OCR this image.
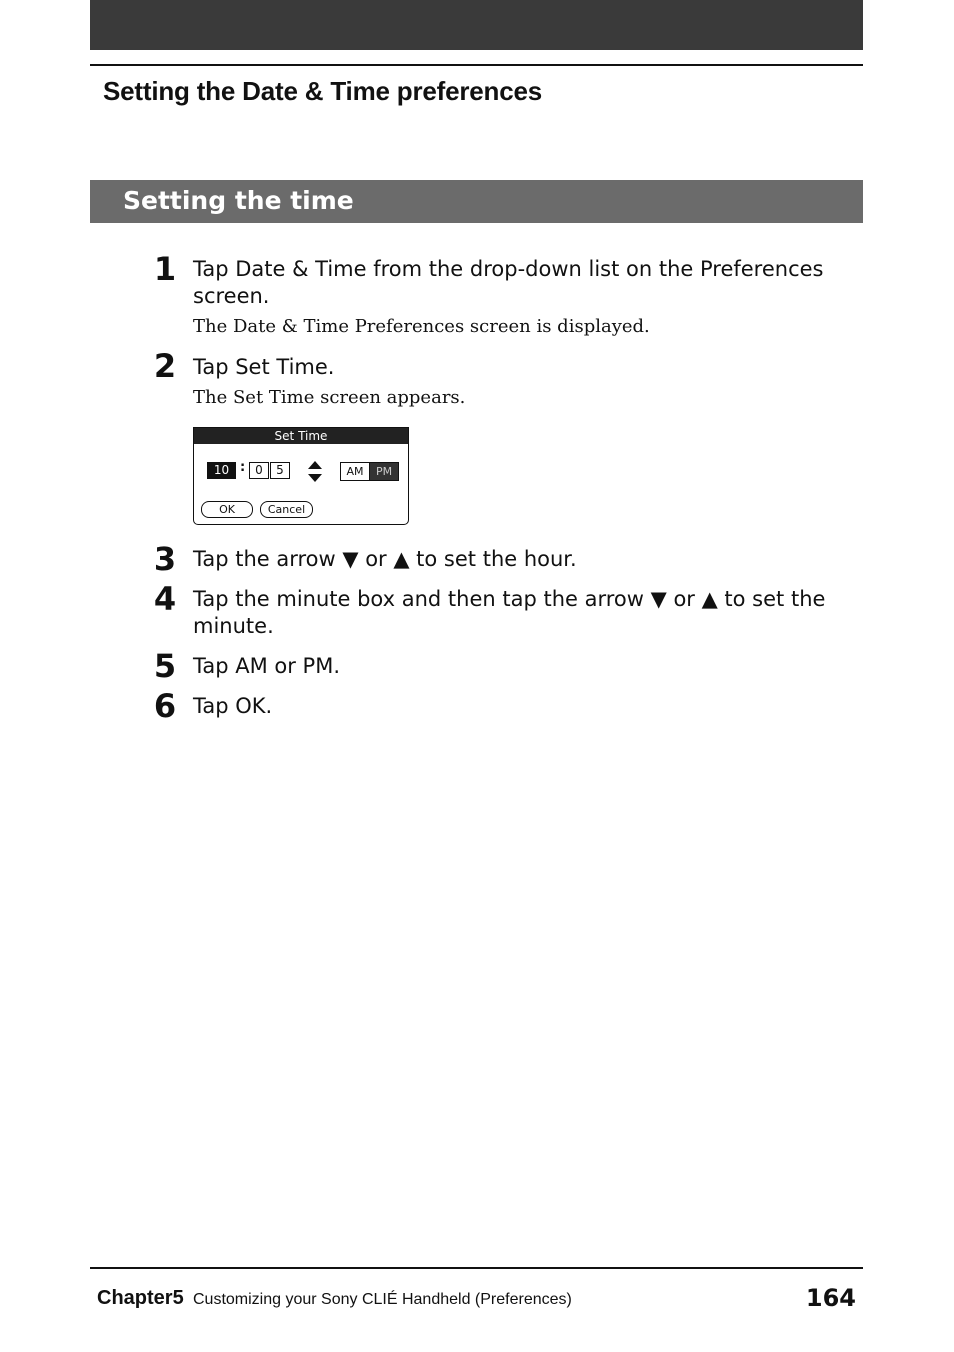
Setting the Date & Time preferences
Setting the time
1 Tap Date & Time from the drop-down list on the Preferences screen.
The Date & Time Preferences screen is displayed.
2 Tap Set Time.
The Set Time screen appears.
Set Time
10 : 0	5	AM	PM
OK	Cancel
3 Tap the arrow ▼ or ▲ to set the hour.
4 Tap the minute box and then tap the arrow ▼ or ▲ to set the minute.
5 Tap AM or PM.
6 Tap OK.
Chapter5 Customizing your Sony CLIÉ Handheld (Preferences)	164
